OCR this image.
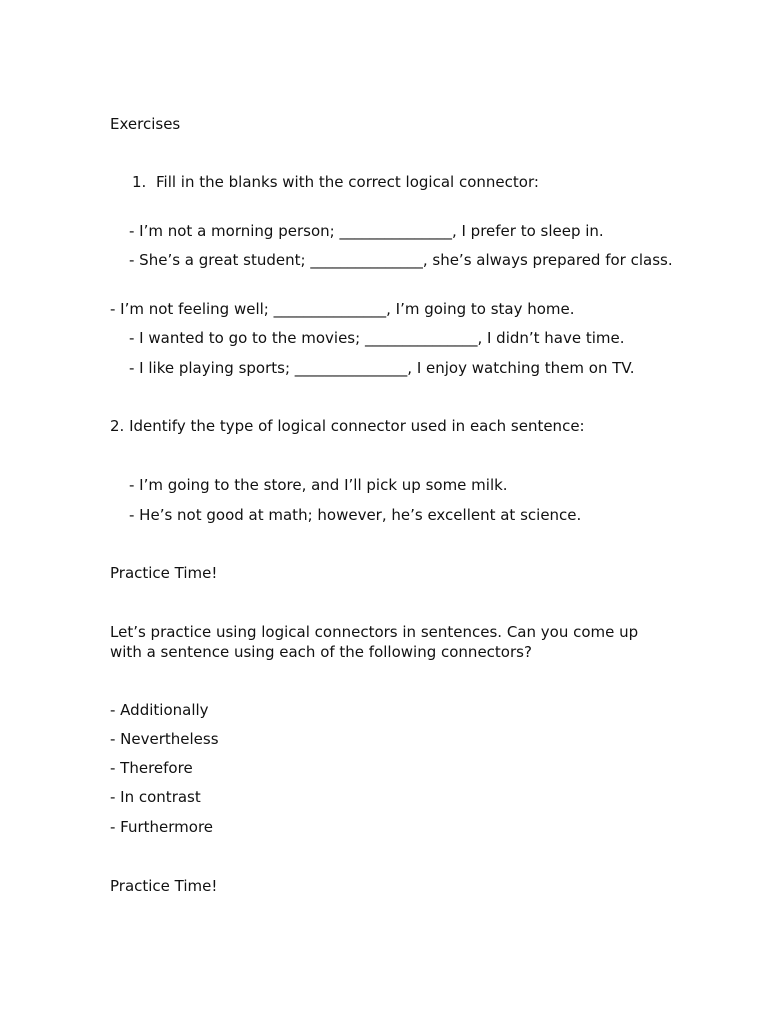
Exercises
1. Fill in the blanks with the correct logical connector:
- I’m not a morning person; _______________, I prefer to sleep in.
- She’s a great student; _______________, she’s always prepared for class.
- I’m not feeling well; _______________, I’m going to stay home.
- I wanted to go to the movies; _______________, I didn’t have time.
- I like playing sports; _______________, I enjoy watching them on TV.
2. Identify the type of logical connector used in each sentence:
- I’m going to the store, and I’ll pick up some milk.
- He’s not good at math; however, he’s excellent at science.
Practice Time!
Let’s practice using logical connectors in sentences. Can you come up with a sentence using each of the following connectors?
- Additionally
- Nevertheless
- Therefore
- In contrast
- Furthermore
Practice Time!
